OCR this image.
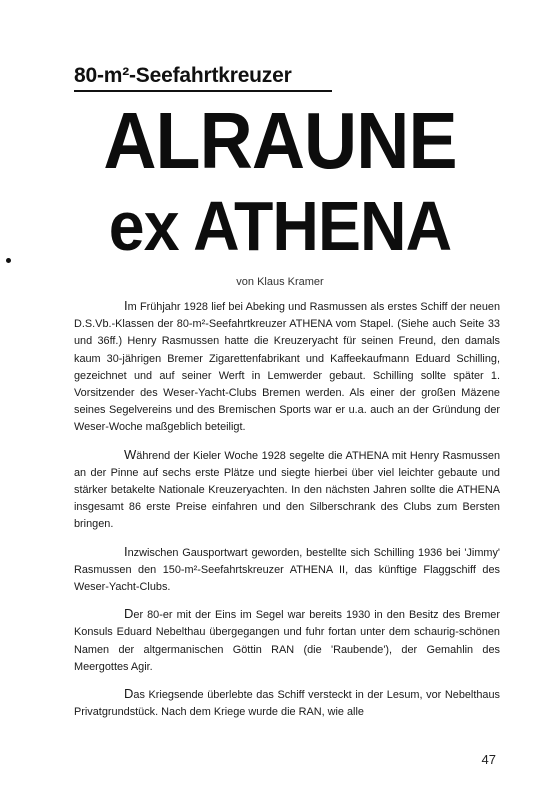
80-m²-Seefahrtkreuzer
ALRAUNE
ex ATHENA
von Klaus Kramer

Im Frühjahr 1928 lief bei Abeking und Rasmussen als erstes Schiff der neuen D.S.Vb.-Klassen der 80-m²-Seefahrtkreuzer ATHENA vom Stapel. (Siehe auch Seite 33 und 36ff.) Henry Rasmussen hatte die Kreuzeryacht für seinen Freund, den damals kaum 30-jährigen Bremer Zigarettenfabrikant und Kaffeekaufmann Eduard Schilling, gezeichnet und auf seiner Werft in Lemwerder gebaut. Schilling sollte später 1. Vorsitzender des Weser-Yacht-Clubs Bremen werden. Als einer der großen Mäzene seines Segelvereins und des Bremischen Sports war er u.a. auch an der Gründung der Weser-Woche maßgeblich beteiligt.

Während der Kieler Woche 1928 segelte die ATHENA mit Henry Rasmussen an der Pinne auf sechs erste Plätze und siegte hierbei über viel leichter gebaute und stärker betakelte Nationale Kreuzeryachten. In den nächsten Jahren sollte die ATHENA insgesamt 86 erste Preise einfahren und den Silberschrank des Clubs zum Bersten bringen.

Inzwischen Gausportwart geworden, bestellte sich Schilling 1936 bei 'Jimmy' Rasmussen den 150-m²-Seefahrtskreuzer ATHENA II, das künftige Flaggschiff des Weser-Yacht-Clubs.

Der 80-er mit der Eins im Segel war bereits 1930 in den Besitz des Bremer Konsuls Eduard Nebelthau übergegangen und fuhr fortan unter dem schaurig-schönen Namen der altgermanischen Göttin RAN (die 'Raubende'), der Gemahlin des Meergottes Agir.

Das Kriegsende überlebte das Schiff versteckt in der Lesum, vor Nebelthaus Privatgrundstück. Nach dem Kriege wurde die RAN, wie alle

47
